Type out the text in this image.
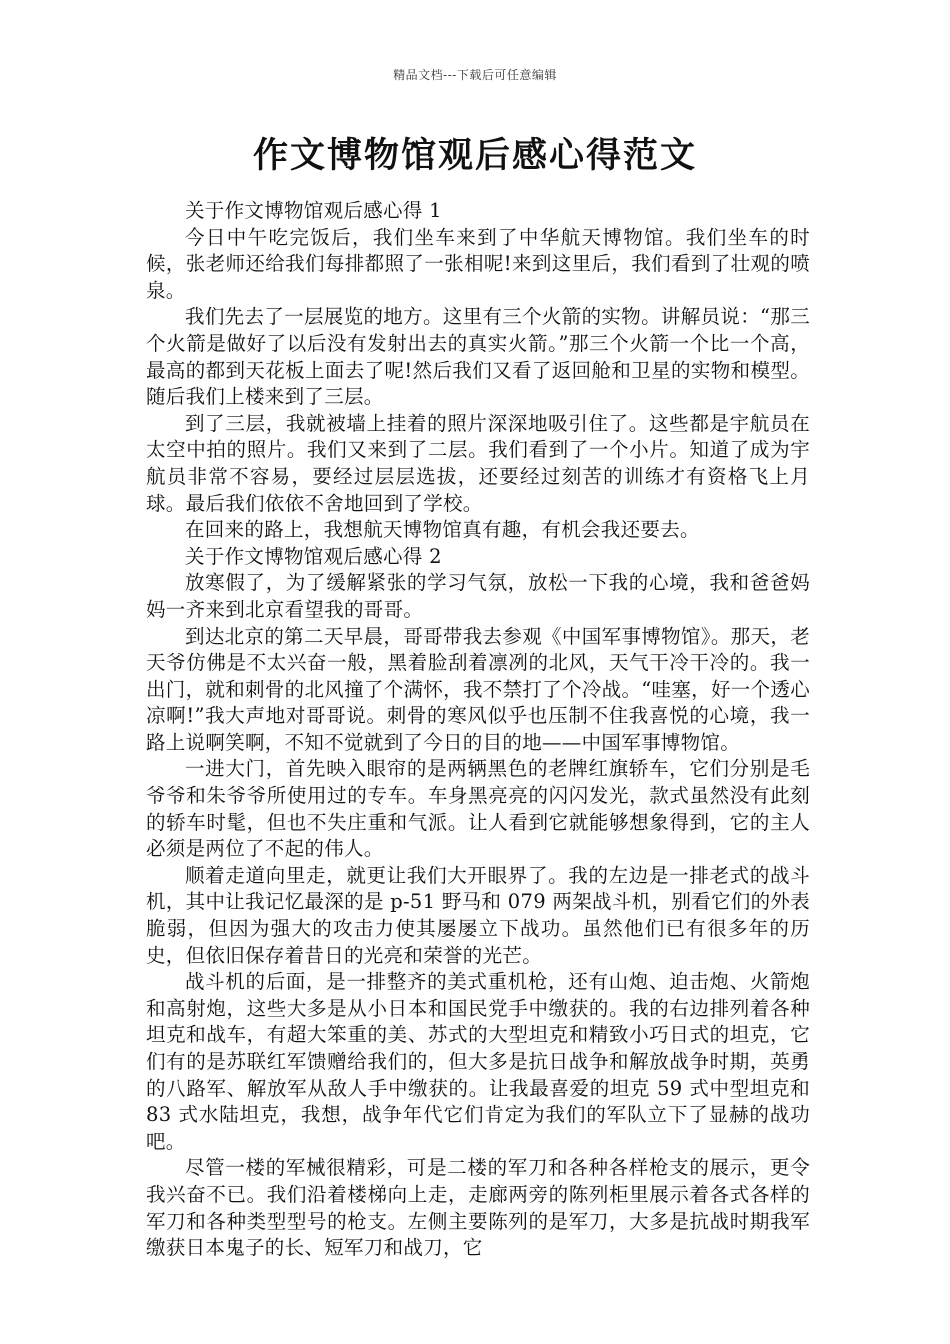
精品文档---下载后可任意编辑
作文博物馆观后感心得范文

关于作文博物馆观后感心得 1

今日中午吃完饭后，我们坐车来到了中华航天博物馆。我们坐车的时候，张老师还给我们每排都照了一张相呢!来到这里后，我们看到了壮观的喷泉。

我们先去了一层展览的地方。这里有三个火箭的实物。讲解员说：“那三个火箭是做好了以后没有发射出去的真实火箭。”那三个火箭一个比一个高，最高的都到天花板上面去了呢!然后我们又看了返回舱和卫星的实物和模型。随后我们上楼来到了三层。

到了三层，我就被墙上挂着的照片深深地吸引住了。这些都是宇航员在太空中拍的照片。我们又来到了二层。我们看到了一个小片。知道了成为宇航员非常不容易，要经过层层选拔，还要经过刻苦的训练才有资格飞上月球。最后我们依依不舍地回到了学校。

在回来的路上，我想航天博物馆真有趣，有机会我还要去。

关于作文博物馆观后感心得 2

放寒假了，为了缓解紧张的学习气氛，放松一下我的心境，我和爸爸妈妈一齐来到北京看望我的哥哥。

到达北京的第二天早晨，哥哥带我去参观《中国军事博物馆》。那天，老天爷仿佛是不太兴奋一般，黑着脸刮着凛冽的北风，天气干冷干冷的。我一出门，就和刺骨的北风撞了个满怀，我不禁打了个冷战。“哇塞，好一个透心凉啊!”我大声地对哥哥说。刺骨的寒风似乎也压制不住我喜悦的心境，我一路上说啊笑啊，不知不觉就到了今日的目的地——中国军事博物馆。

一进大门，首先映入眼帘的是两辆黑色的老牌红旗轿车，它们分别是毛爷爷和朱爷爷所使用过的专车。车身黑亮亮的闪闪发光，款式虽然没有此刻的轿车时髦，但也不失庄重和气派。让人看到它就能够想象得到，它的主人必须是两位了不起的伟人。

顺着走道向里走，就更让我们大开眼界了。我的左边是一排老式的战斗机，其中让我记忆最深的是 p-51 野马和 079 两架战斗机，别看它们的外表脆弱，但因为强大的攻击力使其屡屡立下战功。虽然他们已有很多年的历史，但依旧保存着昔日的光亮和荣誉的光芒。

战斗机的后面，是一排整齐的美式重机枪，还有山炮、迫击炮、火箭炮和高射炮，这些大多是从小日本和国民党手中缴获的。我的右边排列着各种坦克和战车，有超大笨重的美、苏式的大型坦克和精致小巧日式的坦克，它们有的是苏联红军馈赠给我们的，但大多是抗日战争和解放战争时期，英勇的八路军、解放军从敌人手中缴获的。让我最喜爱的坦克 59 式中型坦克和 83 式水陆坦克，我想，战争年代它们肯定为我们的军队立下了显赫的战功吧。

尽管一楼的军械很精彩，可是二楼的军刀和各种各样枪支的展示，更令我兴奋不已。我们沿着楼梯向上走，走廊两旁的陈列柜里展示着各式各样的军刀和各种类型型号的枪支。左侧主要陈列的是军刀，大多是抗战时期我军缴获日本鬼子的长、短军刀和战刀，它
